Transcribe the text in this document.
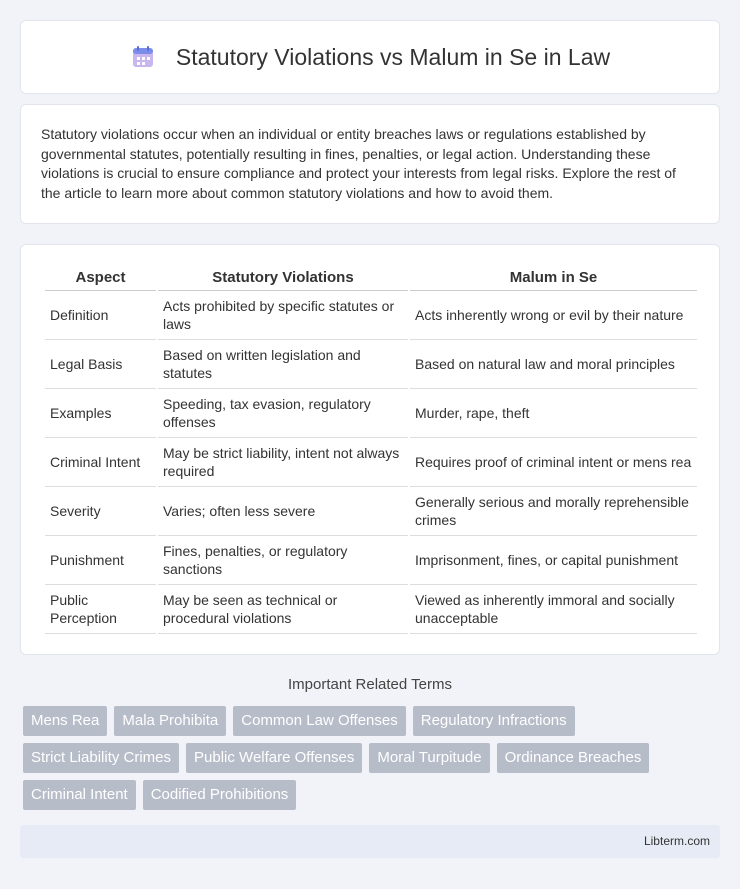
Statutory Violations vs Malum in Se in Law

Statutory violations occur when an individual or entity breaches laws or regulations established by governmental statutes, potentially resulting in fines, penalties, or legal action. Understanding these violations is crucial to ensure compliance and protect your interests from legal risks. Explore the rest of the article to learn more about common statutory violations and how to avoid them.

Aspect	Statutory Violations	Malum in Se
Definition	Acts prohibited by specific statutes or laws	Acts inherently wrong or evil by their nature
Legal Basis	Based on written legislation and statutes	Based on natural law and moral principles
Examples	Speeding, tax evasion, regulatory offenses	Murder, rape, theft
Criminal Intent	May be strict liability, intent not always required	Requires proof of criminal intent or mens rea
Severity	Varies; often less severe	Generally serious and morally reprehensible crimes
Punishment	Fines, penalties, or regulatory sanctions	Imprisonment, fines, or capital punishment
Public Perception	May be seen as technical or procedural violations	Viewed as inherently immoral and socially unacceptable
Important Related Terms
Mens Rea	Mala Prohibita	Common Law Offenses	Regulatory Infractions
Strict Liability Crimes	Public Welfare Offenses	Moral Turpitude	Ordinance Breaches
Criminal Intent	Codified Prohibitions
Libterm.com
